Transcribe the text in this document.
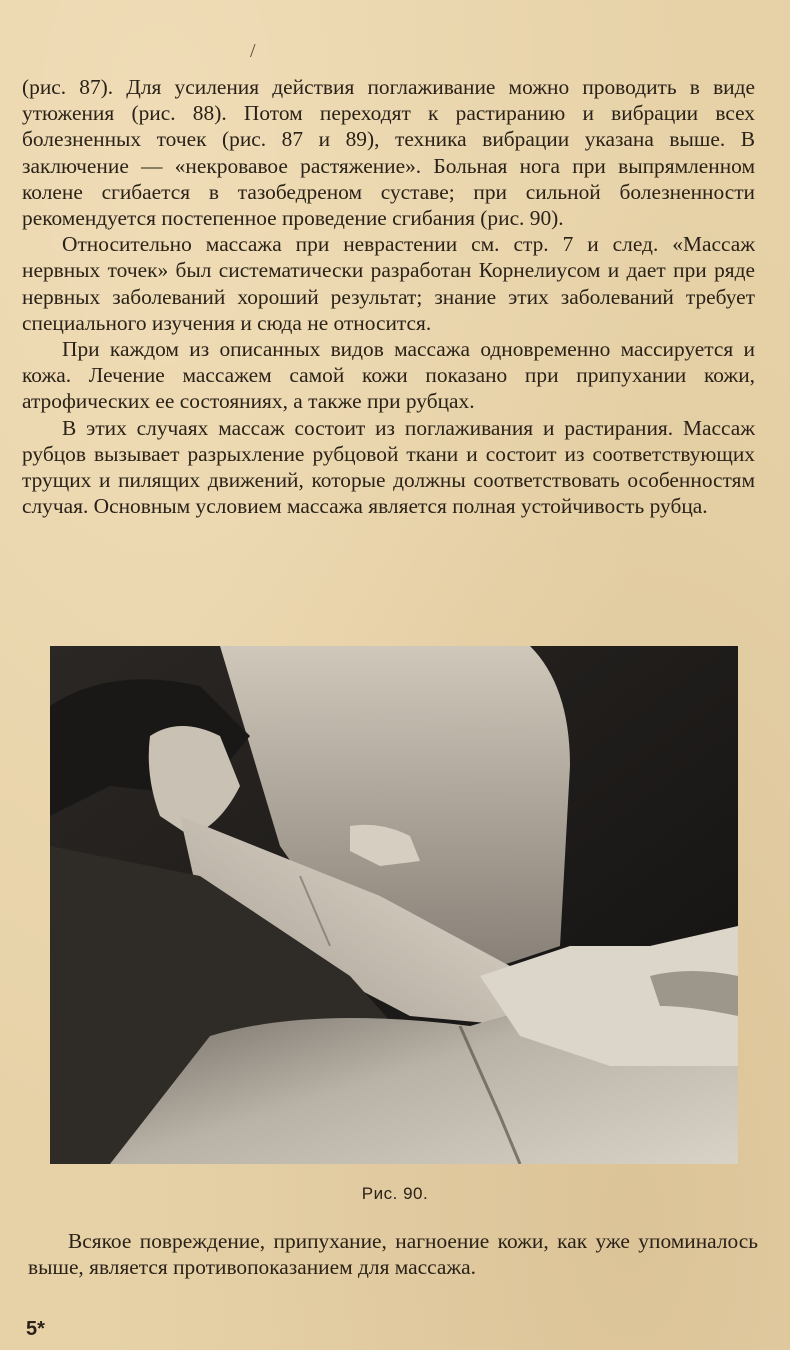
/

(рис. 87). Для усиления действия поглаживание можно проводить в виде утюжения (рис. 88). Потом переходят к растиранию и вибрации всех болезненных точек (рис. 87 и 89), техника вибрации указана выше. В заключение — «некровавое растяжение». Больная нога при выпрямленном колене сгибается в тазобедреном суставе; при сильной болезненности рекомендуется постепенное проведение сгибания (рис. 90).

Относительно массажа при неврастении см. стр. 7 и след. «Массаж нервных точек» был систематически разработан Корнелиусом и дает при ряде нервных заболеваний хороший результат; знание этих заболеваний требует специального изучения и сюда не относится.

При каждом из описанных видов массажа одновременно массируется и кожа. Лечение массажем самой кожи показано при припухании кожи, атрофических ее состояниях, а также при рубцах.

В этих случаях массаж состоит из поглаживания и растирания. Массаж рубцов вызывает разрыхление рубцовой ткани и состоит из соответствующих трущих и пилящих движений, которые должны соответствовать особенностям случая. Основным условием массажа является полная устойчивость рубца.

Рис. 90.

Всякое повреждение, припухание, нагноение кожи, как уже упоминалось выше, является противопоказанием для массажа.

5*
